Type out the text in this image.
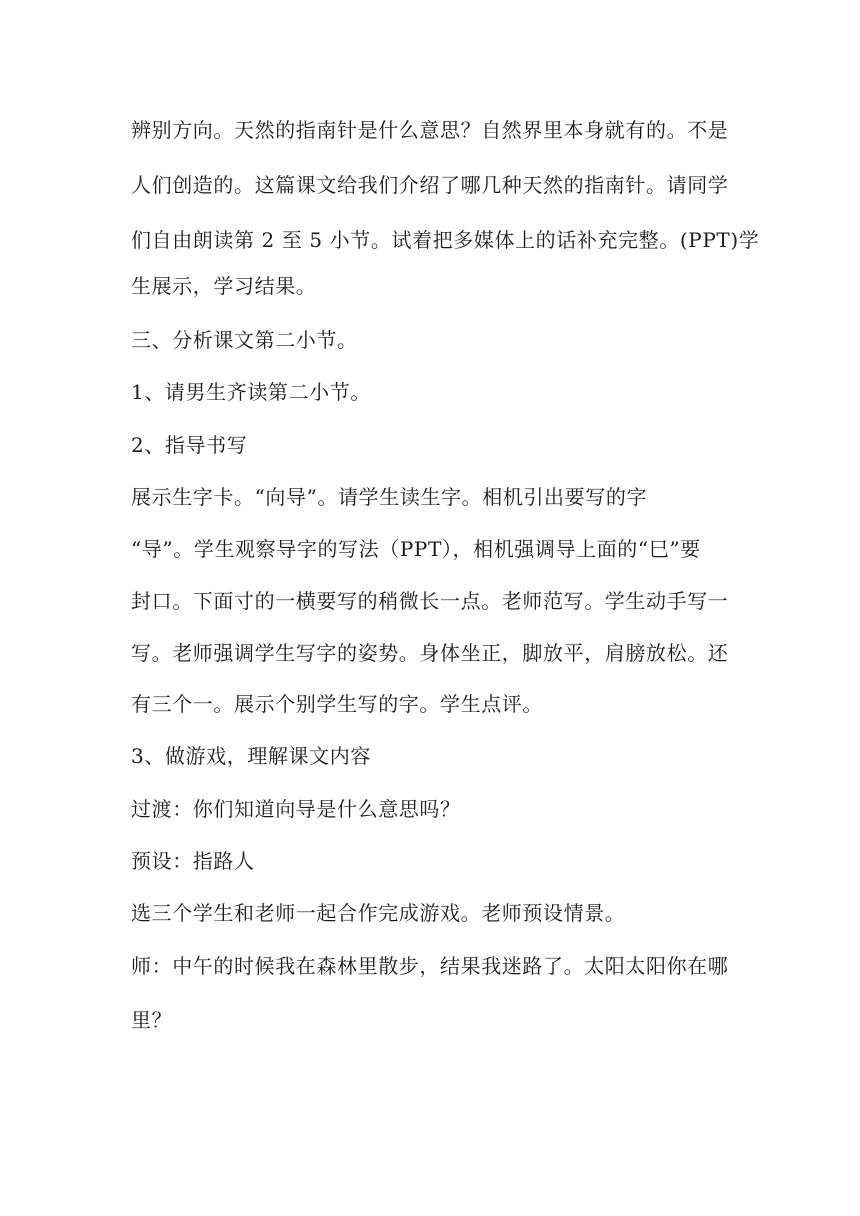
辨别方向。天然的指南针是什么意思？自然界里本身就有的。不是

人们创造的。这篇课文给我们介绍了哪几种天然的指南针。请同学

们自由朗读第 2 至 5 小节。试着把多媒体上的话补充完整。(PPT)学

生展示，学习结果。

三、分析课文第二小节。

1、请男生齐读第二小节。

2、指导书写

展示生字卡。“向导”。请学生读生字。相机引出要写的字

“导”。学生观察导字的写法（PPT），相机强调导上面的“巳”要

封口。下面寸的一横要写的稍微长一点。老师范写。学生动手写一

写。老师强调学生写字的姿势。身体坐正，脚放平，肩膀放松。还

有三个一。展示个别学生写的字。学生点评。

3、做游戏，理解课文内容

过渡：你们知道向导是什么意思吗？

预设：指路人

选三个学生和老师一起合作完成游戏。老师预设情景。

师：中午的时候我在森林里散步，结果我迷路了。太阳太阳你在哪

里？
